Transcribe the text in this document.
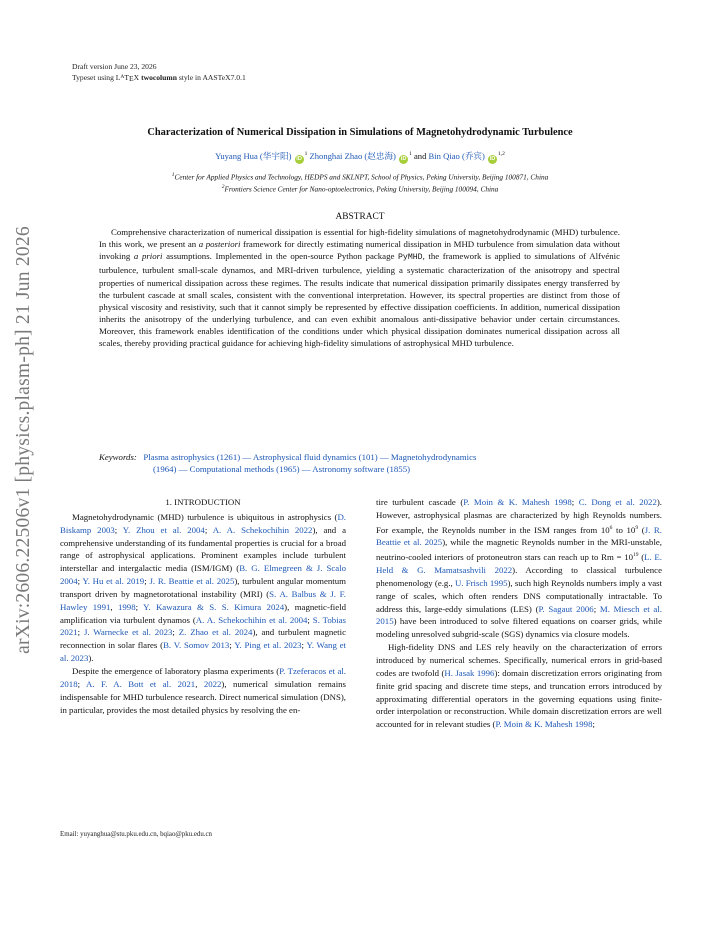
Draft version June 23, 2026
Typeset using $L^ATEX$ twocolumn style in AASTeX7.0.1
arXiv:2606.22506v1 [physics.plasm-ph] 21 Jun 2026
Characterization of Numerical Dissipation in Simulations of Magnetohydrodynamic Turbulence
Yuyang Hua (华宇阳) $iD^1$ Zhonghai Zhao (赵忠海) $iD^1$ and Bin Qiao (乔宾) iD$^{1,2}$
$^1$Center for Applied Physics and Technology, HEDPS and SKLNPT, School of Physics, Peking University, Beijing 100871, China
$^2$Frontiers Science Center for Nano-optoelectronics, Peking University, Beijing 100094, China
ABSTRACT
Comprehensive characterization of numerical dissipation is essential for high-fidelity simulations of magnetohydrodynamic (MHD) turbulence. In this work, we present an a posteriori framework for directly estimating numerical dissipation in MHD turbulence from simulation data without invoking a priori assumptions. Implemented in the open-source Python package PyMHD, the framework is applied to simulations of Alfvénic turbulence, turbulent small-scale dynamos, and MRI-driven turbulence, yielding a systematic characterization of the anisotropy and spectral properties of numerical dissipation across these regimes. The results indicate that numerical dissipation primarily dissipates energy transferred by the turbulent cascade at small scales, consistent with the conventional interpretation. However, its spectral properties are distinct from those of physical viscosity and resistivity, such that it cannot simply be represented by effective dissipation coefficients. In addition, numerical dissipation inherits the anisotropy of the underlying turbulence, and can even exhibit anomalous anti-dissipative behavior under certain circumstances. Moreover, this framework enables identification of the conditions under which physical dissipation dominates numerical dissipation across all scales, thereby providing practical guidance for achieving high-fidelity simulations of astrophysical MHD turbulence.
Keywords: Plasma astrophysics (1261) — Astrophysical fluid dynamics (101) — Magnetohydrodynamics
(1964) — Computational methods (1965) — Astronomy software (1855)
1. INTRODUCTION

Magnetohydrodynamic (MHD) turbulence is ubiquitous in astrophysics (D. Biskamp 2003; Y. Zhou et al. 2004; A. A. Schekochihin 2022), and a comprehensive understanding of its fundamental properties is crucial for a broad range of astrophysical applications. Prominent examples include turbulent interstellar and intergalactic media (ISM/IGM) (B. G. Elmegreen & J. Scalo 2004; Y. Hu et al. 2019; J. R. Beattie et al. 2025), turbulent angular momentum transport driven by magnetorotational instability (MRI) (S. A. Balbus & J. F. Hawley 1991, 1998; Y. Kawazura & S. S. Kimura 2024), magnetic-field amplification via turbulent dynamos (A. A. Schekochihin et al. 2004; S. Tobias 2021; J. Warnecke et al. 2023; Z. Zhao et al. 2024), and turbulent magnetic reconnection in solar flares (B. V. Somov 2013; Y. Ping et al. 2023; Y. Wang et al. 2023).

Despite the emergence of laboratory plasma experiments (P. Tzeferacos et al. 2018; A. F. A. Bott et al. 2021, 2022), numerical simulation remains indispensable for MHD turbulence research. Direct numerical simulation (DNS), in particular, provides the most detailed physics by resolving the en-

tire turbulent cascade (P. Moin & K. Mahesh 1998; C. Dong et al. 2022). However, astrophysical plasmas are characterized by high Reynolds numbers. For example, the Reynolds number in the ISM ranges from $10^6$ to $10^9$ (J. R. Beattie et al. 2025), while the magnetic Reynolds number in the MRI-unstable, neutrino-cooled interiors of protoneutron stars can reach up to $Rm = 10^{19}$ (L. E. Held & G. Mamatsashvili 2022). According to classical turbulence phenomenology (e.g., U. Frisch 1995), such high Reynolds numbers imply a vast range of scales, which often renders DNS computationally intractable. To address this, large-eddy simulations (LES) (P. Sagaut 2006; M. Miesch et al. 2015) have been introduced to solve filtered equations on coarser grids, while modeling unresolved subgrid-scale (SGS) dynamics via closure models.

High-fidelity DNS and LES rely heavily on the characterization of errors introduced by numerical schemes. Specifically, numerical errors in grid-based codes are twofold (H. Jasak 1996): domain discretization errors originating from finite grid spacing and discrete time steps, and truncation errors introduced by approximating differential operators in the governing equations using finite-order interpolation or reconstruction. While domain discretization errors are well accounted for in relevant studies (P. Moin & K. Mahesh 1998;

Email: yuyanghua@stu.pku.edu.cn, bqiao@pku.edu.cn
